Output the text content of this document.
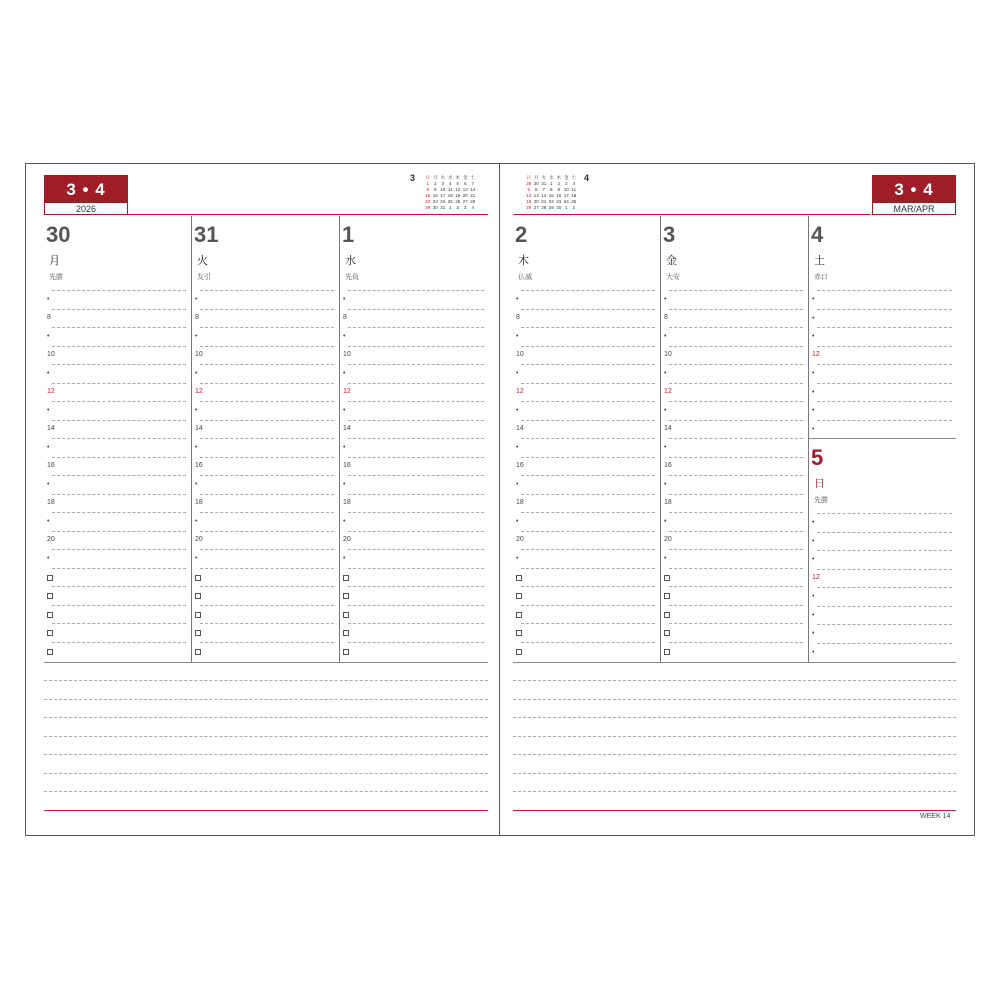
3 • 4
2026
3 • 4
MAR/APR
3	日 月 火 水 木 金 土
1	2	3	4	5	6	7
8	9 10 11 12 13 14
15 16 17 18 19 20 21
22 23 24 25 26 27 28
29 30 31 1	2	3	4
4
日 月 火 水 木 金 土
29 30 31 1	2	3	4
5	6	7	8	9 10 11
12 13 14 15 16 17 18
19 20 21 22 23 24 25
26 27 28 29 30 1	2
30
月
先勝
•
8
•
10
•
12
•
14
•
16
•
18
•
20
•
31
火
友引
•
8
•
10
•
12
•
14
•
16
•
18
•
20
•
1
水
先負
•
8
•
10
•
12
•
14
•
16
•
18
•
20
•
2
木
仏滅
•
8
•
10
•
12
•
14
•
16
•
18
•
20
•
3
金
大安
•
8
•
10
•
12
•
14
•
16
•
18
•
20
•
4
土
赤口
•
•
•
12
•
•
•
•
5
日
先勝
•
•
•
12
•
•
•
•
WEEK 14
